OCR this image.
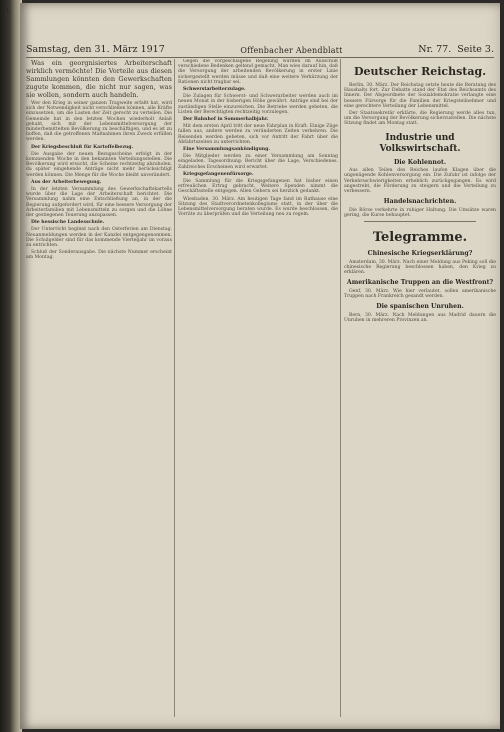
31. 3.
Samstag, den 31. März 1917	Offenbacher Abendblatt	Nr. 77. Seite 3.

Was ein georgnisiertes Arbeiterschaft wirklich vermöchte! Die Vorteile aus diesen Sammlungen könnten den Gewerkschaften zugute kommen, die nicht nur sagen, was sie wollen, sondern auch handeln.

Wer den Krieg in seiner ganzen Tragweite erfaßt hat, wird sich der Notwendigkeit nicht verschließen können, alle Kräfte einzusetzen, um die Lasten der Zeit gerecht zu verteilen. Die Gemeinde hat in den letzten Wochen wiederholt Anlaß gehabt, sich mit der Lebensmittelversorgung der minderbemittelten Bevölkerung zu beschäftigen, und es ist zu hoffen, daß die getroffenen Maßnahmen ihren Zweck erfüllen werden.

Der Kriegsbeschluß für Kartoffelbezug.

Die Ausgabe der neuen Bezugsscheine erfolgt in der kommenden Woche in den bekannten Verteilungsstellen. Die Bevölkerung wird ersucht, die Scheine rechtzeitig abzuholen, da später eingehende Anträge nicht mehr berücksichtigt werden können. Die Menge für die Woche bleibt unverändert.

Aus der Arbeiterbewegung.

In der letzten Versammlung des Gewerkschaftskartells wurde über die Lage der Arbeiterschaft berichtet. Die Versammlung nahm eine Entschließung an, in der die Regierung aufgefordert wird, für eine bessere Versorgung der Arbeiterfamilien mit Lebensmitteln zu sorgen und die Löhne der gestiegenen Teuerung anzupassen.

Die hessische Landesschule.

Der Unterricht beginnt nach den Osterferien am Dienstag. Neuanmeldungen werden in der Kanzlei entgegengenommen. Die Schulgelder sind für das kommende Vierteljahr im voraus zu entrichten.

Schluß der Sonderausgabe. Die nächste Nummer erscheint am Montag.

Gegen die vorgeschlagene Regelung wurden im Ausschuß verschiedene Bedenken geltend gemacht. Man wies darauf hin, daß die Versorgung der arbeitenden Bevölkerung in erster Linie sichergestellt werden müsse und daß eine weitere Verkürzung der Rationen nicht tragbar sei.

Schwerstarbeiterzulage.

Die Zulagen für Schwerst- und Schwerarbeiter werden auch im neuen Monat in der bisherigen Höhe gewährt. Anträge sind bei der zuständigen Stelle einzureichen. Die Betriebe werden gebeten, die Listen der Berechtigten rechtzeitig vorzulegen.

Der Bahnhof in Sommerhalbjahr.

Mit dem ersten April tritt der neue Fahrplan in Kraft. Einige Züge fallen aus, andere werden zu veränderten Zeiten verkehren. Die Reisenden werden gebeten, sich vor Antritt der Fahrt über die Abfahrtszeiten zu unterrichten.

Eine Versammlungsankündigung.

Die Mitglieder werden zu einer Versammlung am Sonntag eingeladen. Tagesordnung: Bericht über die Lage, Verschiedenes. Zahlreiches Erscheinen wird erwartet.

Kriegsgefangenenfürsorge.

Die Sammlung für die Kriegsgefangenen hat bisher einen erfreulichen Ertrag gebracht. Weitere Spenden nimmt die Geschäftsstelle entgegen. Allen Gebern sei herzlich gedankt.

Wiesbaden, 30. März. Am heutigen Tage fand im Rathause eine Sitzung des Stadtverordnetenkollegiums statt, in der über die Lebensmittelversorgung beraten wurde. Es wurde beschlossen, die Vorräte zu überprüfen und die Verteilung neu zu regeln.

Deutscher Reichstag.

Berlin, 30. März. Der Reichstag setzte heute die Beratung des Haushalts fort. Zur Debatte stand der Etat des Reichsamts des Innern. Der Abgeordnete der Sozialdemokratie verlangte eine bessere Fürsorge für die Familien der Kriegsteilnehmer und eine gerechtere Verteilung der Lebensmittel.

Der Staatssekretär erklärte, die Regierung werde alles tun, um die Versorgung der Bevölkerung sicherzustellen. Die nächste Sitzung findet am Montag statt.

Industrie und Volkswirtschaft.
Die Kohlennot.

Aus allen Teilen des Reiches laufen Klagen über die ungenügende Kohlenversorgung ein. Die Zufuhr ist infolge der Verkehrsschwierigkeiten erheblich zurückgegangen. Es wird angestrebt, die Förderung zu steigern und die Verteilung zu verbessern.

Handelsnachrichten.

Die Börse verkehrte in ruhiger Haltung. Die Umsätze waren gering, die Kurse behauptet.

Telegramme.
Chinesische Kriegserklärung?

Amsterdam, 30. März. Nach einer Meldung aus Peking soll die chinesische Regierung beschlossen haben, den Krieg zu erklären.

Amerikanische Truppen an die Westfront?

Genf, 30. März. Wie hier verlautet, sollen amerikanische Truppen nach Frankreich gesandt werden.

Die spanischen Unruhen.

Bern, 30. März. Nach Meldungen aus Madrid dauern die Unruhen in mehreren Provinzen an.
